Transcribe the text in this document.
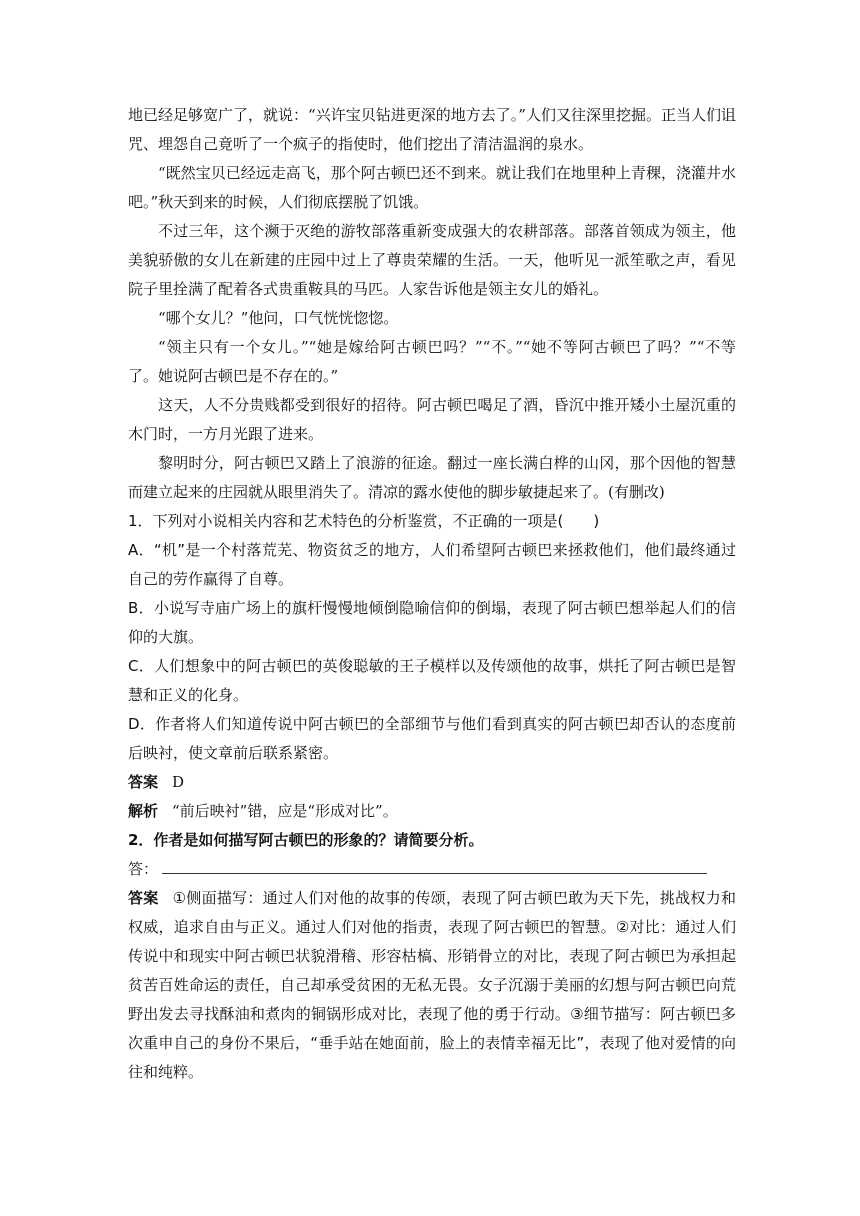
地已经足够宽广了，就说：“兴许宝贝钻进更深的地方去了。”人们又往深里挖掘。正当人们诅咒、埋怨自己竟听了一个疯子的指使时，他们挖出了清洁温润的泉水。

“既然宝贝已经远走高飞，那个阿古顿巴还不到来。就让我们在地里种上青稞，浇灌井水吧。”秋天到来的时候，人们彻底摆脱了饥饿。

不过三年，这个濒于灭绝的游牧部落重新变成强大的农耕部落。部落首领成为领主，他美貌骄傲的女儿在新建的庄园中过上了尊贵荣耀的生活。一天，他听见一派笙歌之声，看见院子里拴满了配着各式贵重鞍具的马匹。人家告诉他是领主女儿的婚礼。

“哪个女儿？”他问，口气恍恍惚惚。

“领主只有一个女儿。”“她是嫁给阿古顿巴吗？”“不。”“她不等阿古顿巴了吗？”“不等了。她说阿古顿巴是不存在的。”

这天，人不分贵贱都受到很好的招待。阿古顿巴喝足了酒，昏沉中推开矮小土屋沉重的木门时，一方月光跟了进来。

黎明时分，阿古顿巴又踏上了浪游的征途。翻过一座长满白桦的山冈，那个因他的智慧而建立起来的庄园就从眼里消失了。清凉的露水使他的脚步敏捷起来了。(有删改)

1．下列对小说相关内容和艺术特色的分析鉴赏，不正确的一项是(　　)

A．“机”是一个村落荒芜、物资贫乏的地方，人们希望阿古顿巴来拯救他们，他们最终通过自己的劳作赢得了自尊。

B．小说写寺庙广场上的旗杆慢慢地倾倒隐喻信仰的倒塌，表现了阿古顿巴想举起人们的信仰的大旗。

C．人们想象中的阿古顿巴的英俊聪敏的王子模样以及传颂他的故事，烘托了阿古顿巴是智慧和正义的化身。

D．作者将人们知道传说中阿古顿巴的全部细节与他们看到真实的阿古顿巴却否认的态度前后映衬，使文章前后联系紧密。

答案 D

解析 “前后映衬”错，应是“形成对比”。

2．作者是如何描写阿古顿巴的形象的？请简要分析。

答：

答案 ①侧面描写：通过人们对他的故事的传颂，表现了阿古顿巴敢为天下先，挑战权力和权威，追求自由与正义。通过人们对他的指责，表现了阿古顿巴的智慧。②对比：通过人们传说中和现实中阿古顿巴状貌滑稽、形容枯槁、形销骨立的对比，表现了阿古顿巴为承担起贫苦百姓命运的责任，自己却承受贫困的无私无畏。女子沉溺于美丽的幻想与阿古顿巴向荒野出发去寻找酥油和煮肉的铜锅形成对比，表现了他的勇于行动。③细节描写：阿古顿巴多次重申自己的身份不果后，“垂手站在她面前，脸上的表情幸福无比”，表现了他对爱情的向往和纯粹。
